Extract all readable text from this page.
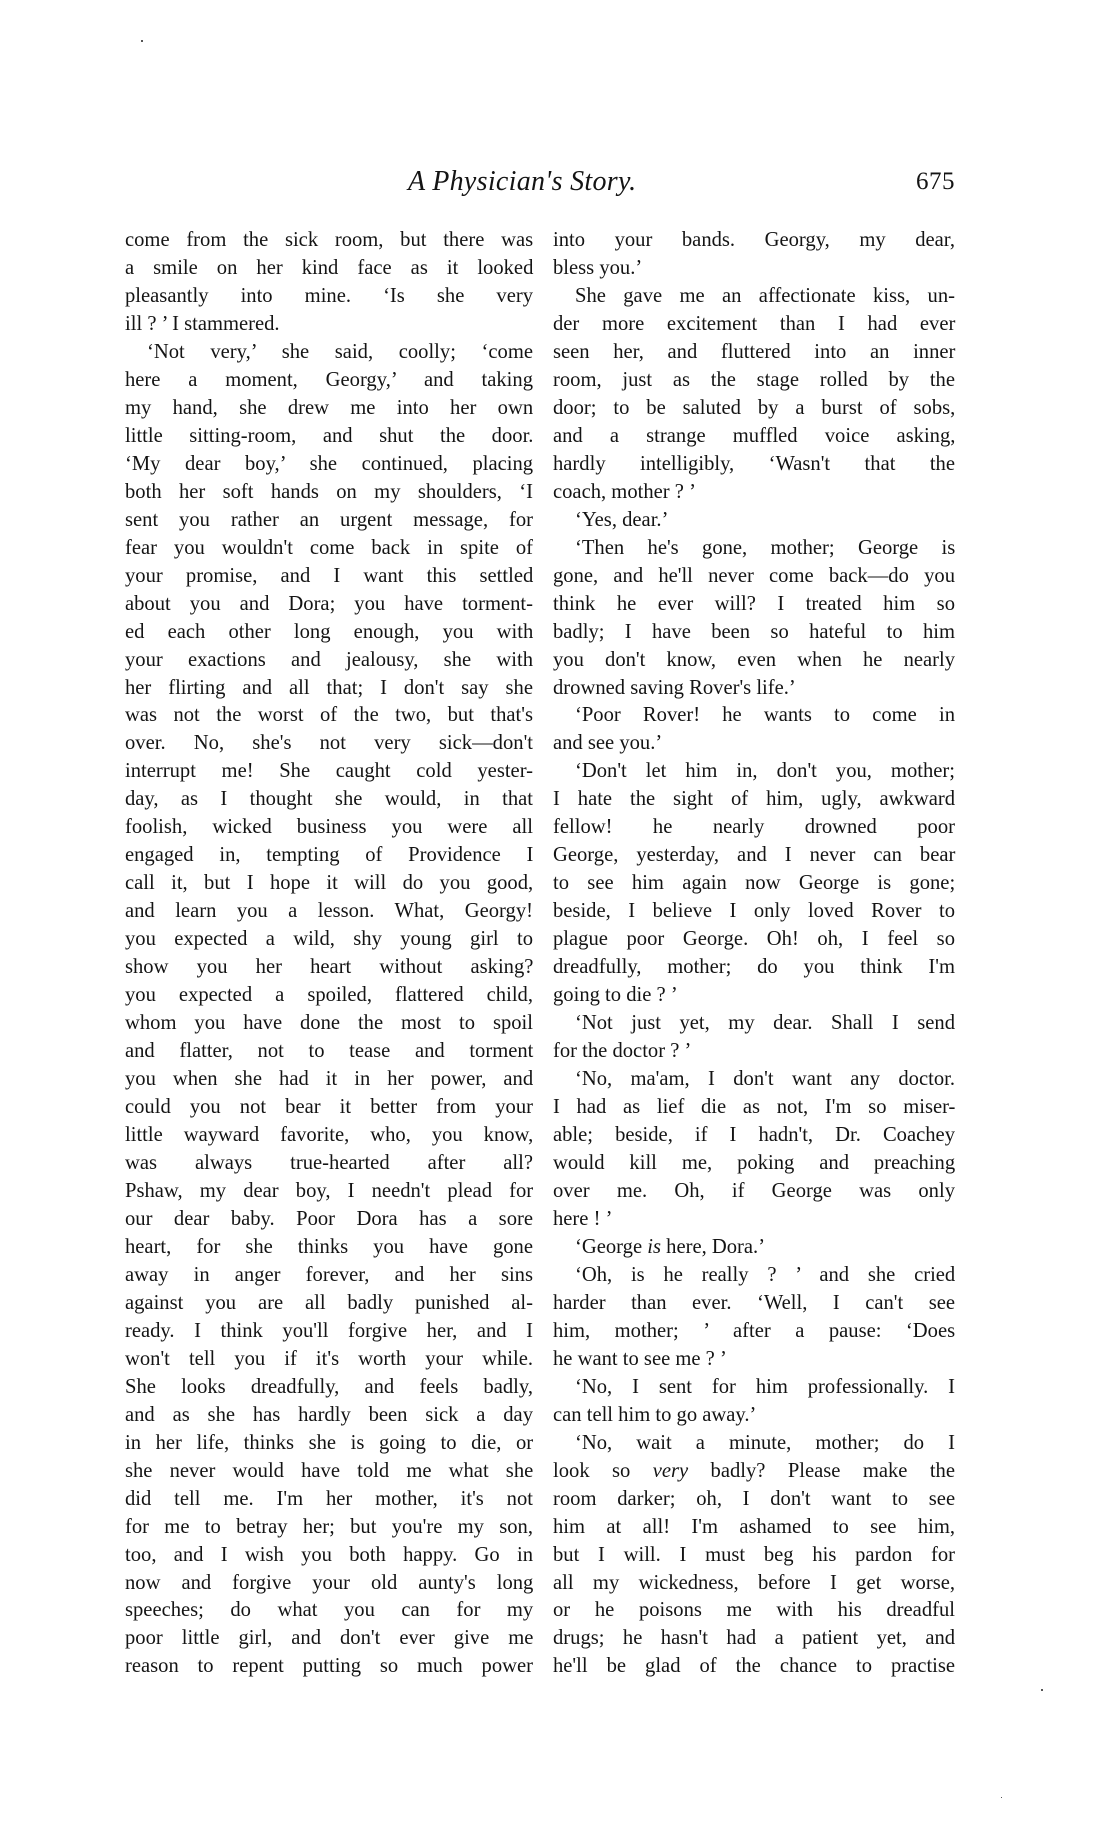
A Physician's Story.	675
come from the sick room, but there was
a smile on her kind face as it looked
pleasantly into mine. ‘Is she very
ill ? ’ I stammered.
‘Not very,’ she said, coolly; ‘come
here a moment, Georgy,’ and taking
my hand, she drew me into her own
little sitting-room, and shut the door.
‘My dear boy,’ she continued, placing
both her soft hands on my shoulders, ‘I
sent you rather an urgent message, for
fear you wouldn't come back in spite of
your promise, and I want this settled
about you and Dora; you have torment-
ed each other long enough, you with
your exactions and jealousy, she with
her flirting and all that; I don't say she
was not the worst of the two, but that's
over. No, she's not very sick—don't
interrupt me! She caught cold yester-
day, as I thought she would, in that
foolish, wicked business you were all
engaged in, tempting of Providence I
call it, but I hope it will do you good,
and learn you a lesson. What, Georgy!
you expected a wild, shy young girl to
show you her heart without asking?
you expected a spoiled, flattered child,
whom you have done the most to spoil
and flatter, not to tease and torment
you when she had it in her power, and
could you not bear it better from your
little wayward favorite, who, you know,
was always true-hearted after all?
Pshaw, my dear boy, I needn't plead for
our dear baby. Poor Dora has a sore
heart, for she thinks you have gone
away in anger forever, and her sins
against you are all badly punished al-
ready. I think you'll forgive her, and I
won't tell you if it's worth your while.
She looks dreadfully, and feels badly,
and as she has hardly been sick a day
in her life, thinks she is going to die, or
she never would have told me what she
did tell me. I'm her mother, it's not
for me to betray her; but you're my son,
too, and I wish you both happy. Go in
now and forgive your old aunty's long
speeches; do what you can for my
poor little girl, and don't ever give me
reason to repent putting so much power
into your bands. Georgy, my dear,
bless you.’
She gave me an affectionate kiss, un-
der more excitement than I had ever
seen her, and fluttered into an inner
room, just as the stage rolled by the
door; to be saluted by a burst of sobs,
and a strange muffled voice asking,
hardly intelligibly, ‘Wasn't that the
coach, mother ? ’
‘Yes, dear.’
‘Then he's gone, mother; George is
gone, and he'll never come back—do you
think he ever will? I treated him so
badly; I have been so hateful to him
you don't know, even when he nearly
drowned saving Rover's life.’
‘Poor Rover! he wants to come in
and see you.’
‘Don't let him in, don't you, mother;
I hate the sight of him, ugly, awkward
fellow! he nearly drowned poor
George, yesterday, and I never can bear
to see him again now George is gone;
beside, I believe I only loved Rover to
plague poor George. Oh! oh, I feel so
dreadfully, mother; do you think I'm
going to die ? ’
‘Not just yet, my dear. Shall I send
for the doctor ? ’
‘No, ma'am, I don't want any doctor.
I had as lief die as not, I'm so miser-
able; beside, if I hadn't, Dr. Coachey
would kill me, poking and preaching
over me. Oh, if George was only
here ! ’
‘George is here, Dora.’
‘Oh, is he really ? ’ and she cried
harder than ever. ‘Well, I can't see
him, mother; ’ after a pause: ‘Does
he want to see me ? ’
‘No, I sent for him professionally. I
can tell him to go away.’
‘No, wait a minute, mother; do I
look so very badly? Please make the
room darker; oh, I don't want to see
him at all! I'm ashamed to see him,
but I will. I must beg his pardon for
all my wickedness, before I get worse,
or he poisons me with his dreadful
drugs; he hasn't had a patient yet, and
he'll be glad of the chance to practise
